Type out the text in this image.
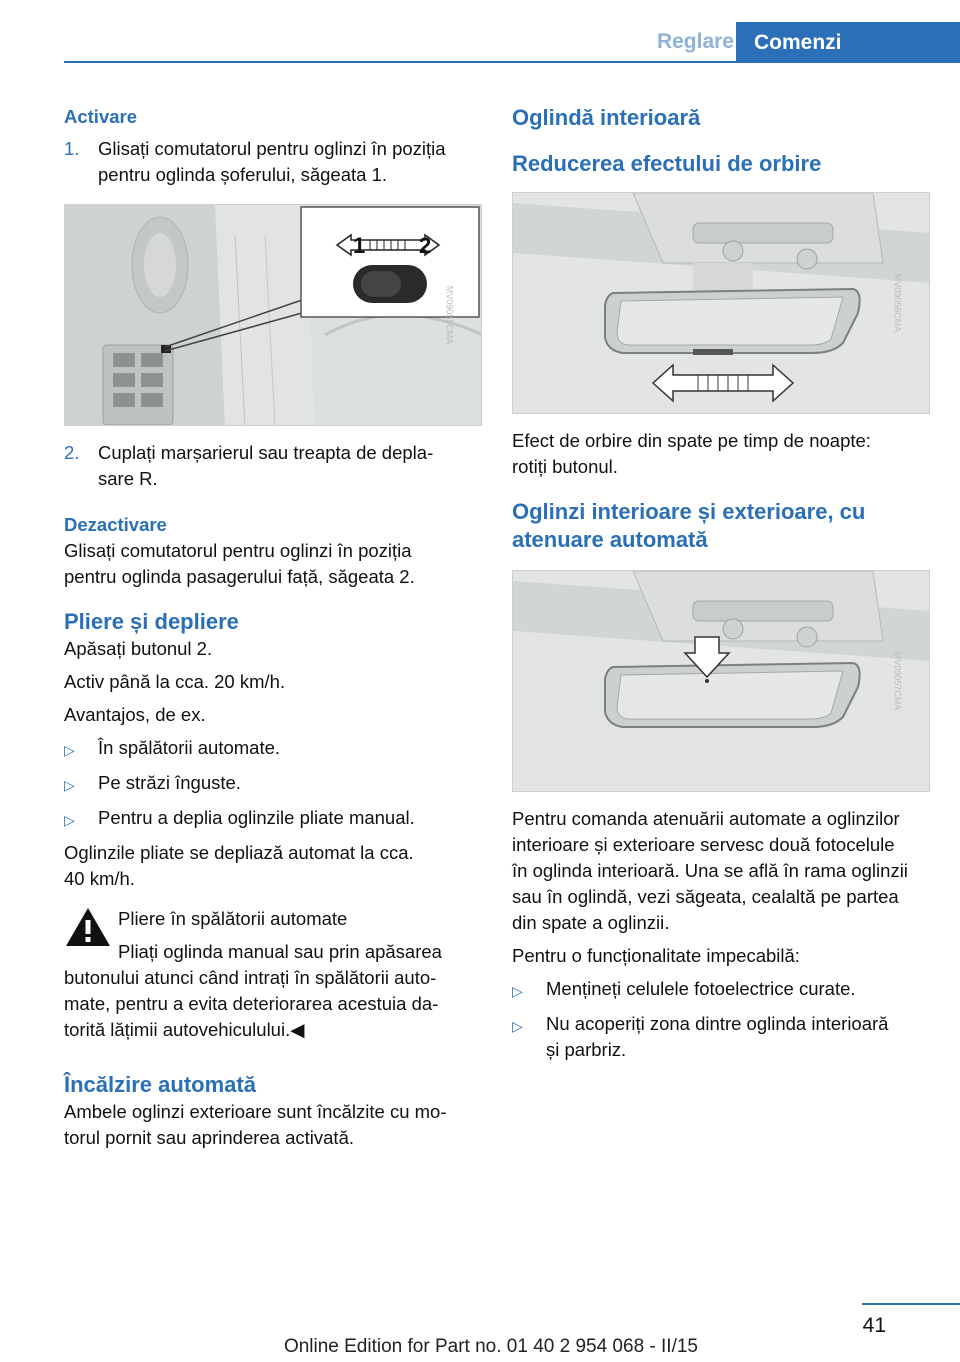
Reglare Comenzi
Activare
1.	Glisați comutatorul pentru oglinzi în poziția
pentru oglinda șoferului, săgeata 1.
1 2
MV09055CMA
2.	Cuplați marșarierul sau treapta de depla‐
sare R.
Dezactivare
Glisați comutatorul pentru oglinzi în poziția
pentru oglinda pasagerului față, săgeata 2.
Pliere și depliere
Apăsați butonul 2.
Activ până la cca. 20 km/h.
Avantajos, de ex.
▷	În spălătorii automate.
▷	Pe străzi înguste.
▷	Pentru a deplia oglinzile pliate manual.
Oglinzile pliate se depliază automat la cca.
40 km/h.
Pliere în spălătorii automate
Pliați oglinda manual sau prin apăsarea
butonului atunci când intrați în spălătorii auto‐
mate, pentru a evita deteriorarea acestuia da‐
torită lățimii autovehiculului.◀
Încălzire automată
Ambele oglinzi exterioare sunt încălzite cu mo‐
torul pornit sau aprinderea activată.
Oglindă interioară
Reducerea efectului de orbire
MV09056CMA
Efect de orbire din spate pe timp de noapte:
rotiți butonul.
Oglinzi interioare și exterioare, cu
atenuare automată
MV09057CMA
Pentru comanda atenuării automate a oglinzilor
interioare și exterioare servesc două fotocelule
în oglinda interioară. Una se află în rama oglinzii
sau în oglindă, vezi săgeata, cealaltă pe partea
din spate a oglinzii.
Pentru o funcționalitate impecabilă:
▷	Mențineți celulele fotoelectrice curate.
▷	Nu acoperiți zona dintre oglinda interioară
și parbriz.
41
Online Edition for Part no. 01 40 2 954 068 - II/15
